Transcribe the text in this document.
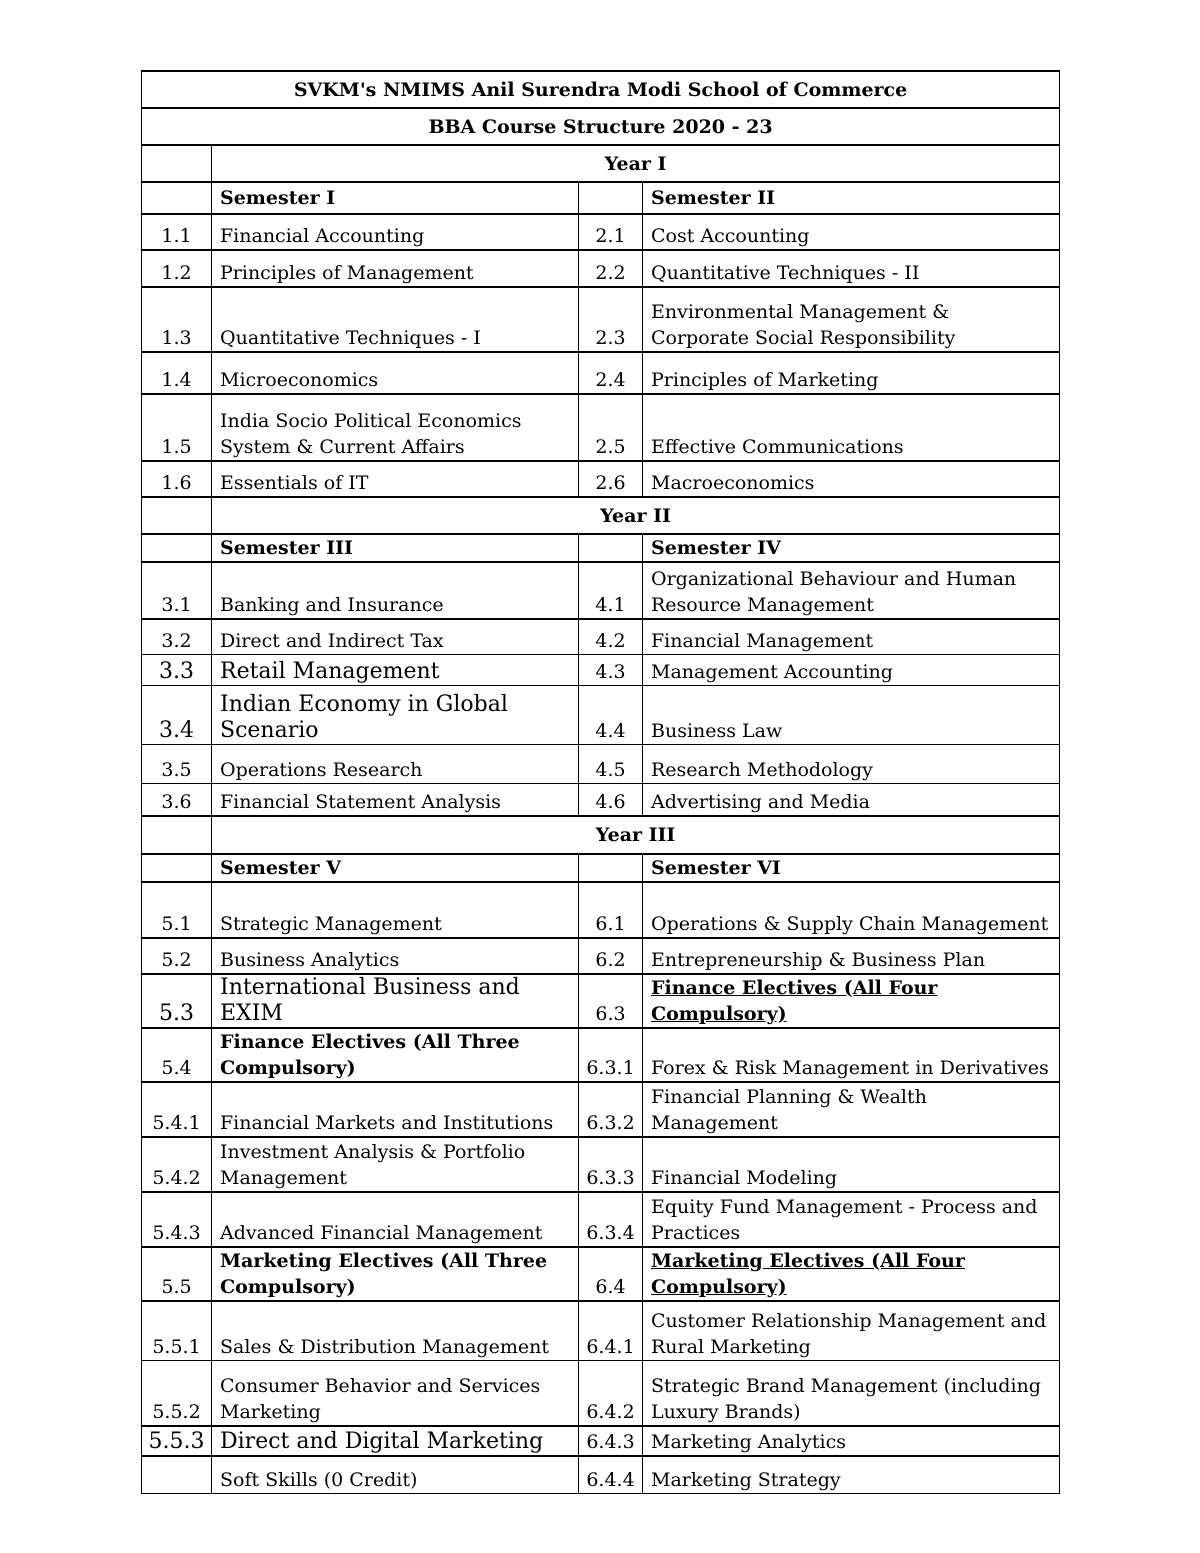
SVKM's NMIMS Anil Surendra Modi School of Commerce			
BBA Course Structure 2020 - 23			
	Year I		
	Semester I		Semester II
1.1	Financial Accounting	2.1	Cost Accounting
1.2	Principles of Management	2.2	Quantitative Techniques - II
1.3	Quantitative Techniques - I	2.3	Environmental Management & Corporate Social Responsibility
1.4	Microeconomics	2.4	Principles of Marketing
1.5	India Socio Political Economics System & Current Affairs	2.5	Effective Communications
1.6	Essentials of IT	2.6	Macroeconomics
	Year II		
	Semester III		Semester IV
3.1	Banking and Insurance	4.1	Organizational Behaviour and Human Resource Management
3.2	Direct and Indirect Tax	4.2	Financial Management
3.3	Retail Management	4.3	Management Accounting
3.4	Indian Economy in Global Scenario	4.4	Business Law
3.5	Operations Research	4.5	Research Methodology
3.6	Financial Statement Analysis	4.6	Advertising and Media
	Year III		
	Semester V		Semester VI
5.1	Strategic Management	6.1	Operations & Supply Chain Management
5.2	Business Analytics	6.2	Entrepreneurship & Business Plan
5.3	International Business and EXIM	6.3	Finance Electives (All Four Compulsory)
5.4	Finance Electives (All Three Compulsory)	6.3.1	Forex & Risk Management in Derivatives
5.4.1	Financial Markets and Institutions	6.3.2	Financial Planning & Wealth Management
5.4.2	Investment Analysis & Portfolio Management	6.3.3	Financial Modeling
5.4.3	Advanced Financial Management	6.3.4	Equity Fund Management - Process and Practices
5.5	Marketing Electives (All Three Compulsory)	6.4	Marketing Electives (All Four Compulsory)
5.5.1	Sales & Distribution Management	6.4.1	Customer Relationship Management and Rural Marketing
5.5.2	Consumer Behavior and Services Marketing	6.4.2	Strategic Brand Management (including Luxury Brands)
5.5.3	Direct and Digital Marketing	6.4.3	Marketing Analytics
	Soft Skills (0 Credit)	6.4.4	Marketing Strategy
